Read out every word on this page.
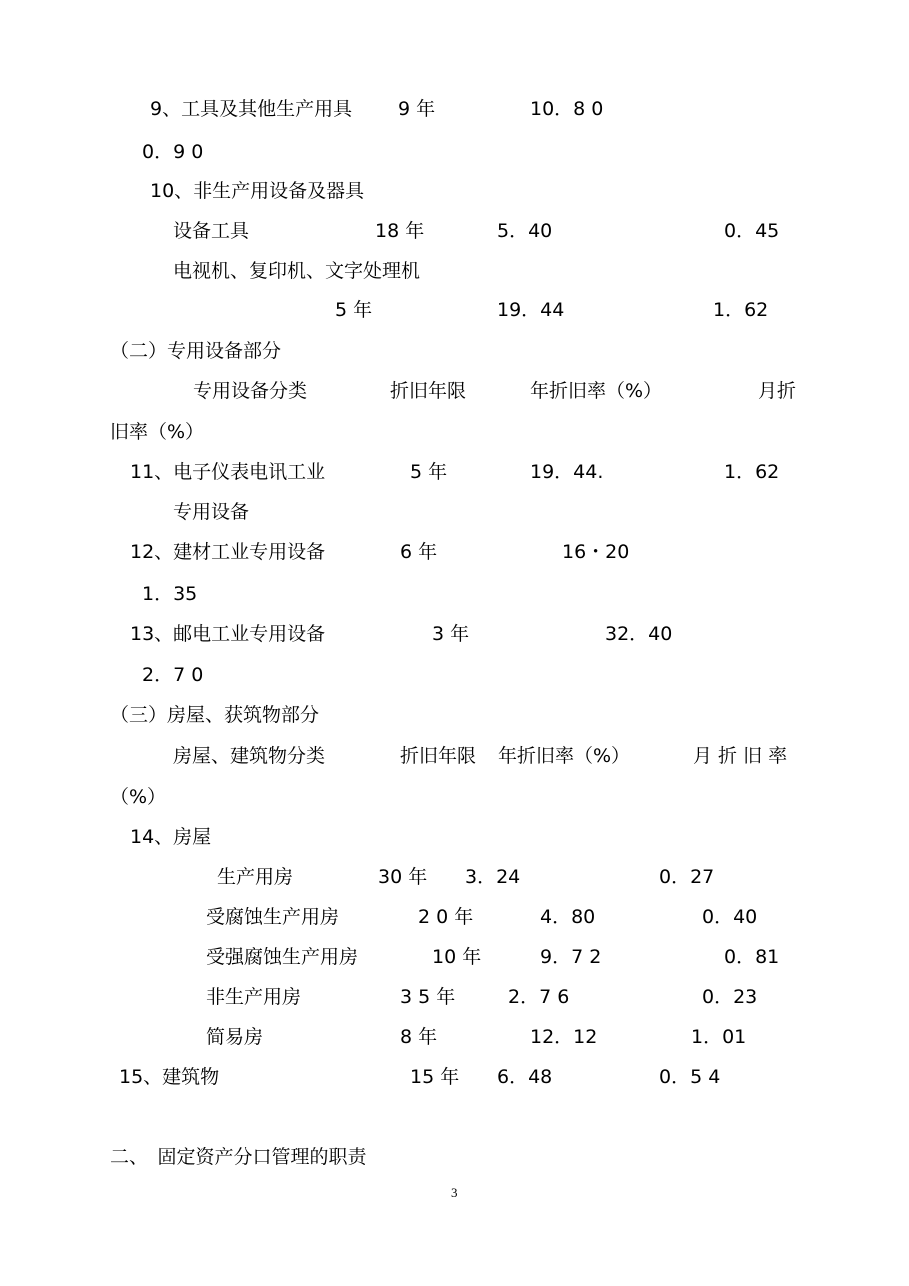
9、工具及其他生产用具 9 年	10．8 0
0．9 0
10、非生产用设备及器具
设备工具	18 年	5．40	0．45
电视机、复印机、文字处理机
5 年	19．44	1．62
（二）专用设备部分
专用设备分类	折旧年限	年折旧率（%）	月折
旧率（%）
11、电子仪表电讯工业	5 年	19．44.	1．62
专用设备
12、建材工业专用设备	6 年	16・20
1．35
13、邮电工业专用设备	3 年	32．40
2．7 0
（三）房屋、获筑物部分
房屋、建筑物分类	折旧年限 年折旧率（%）	月 折 旧 率
（%）
14、房屋
生产用房	30 年 3．24	0．27
受腐蚀生产用房	2 0 年	4．80	0．40
受强腐蚀生产用房	10 年	9．7 2	0．81
非生产用房	3 5 年	2．7 6	0．23
简易房	8 年	12．12	1．01
15、建筑物	15 年 6．48	0．5 4
二、　固定资产分口管理的职责
3
